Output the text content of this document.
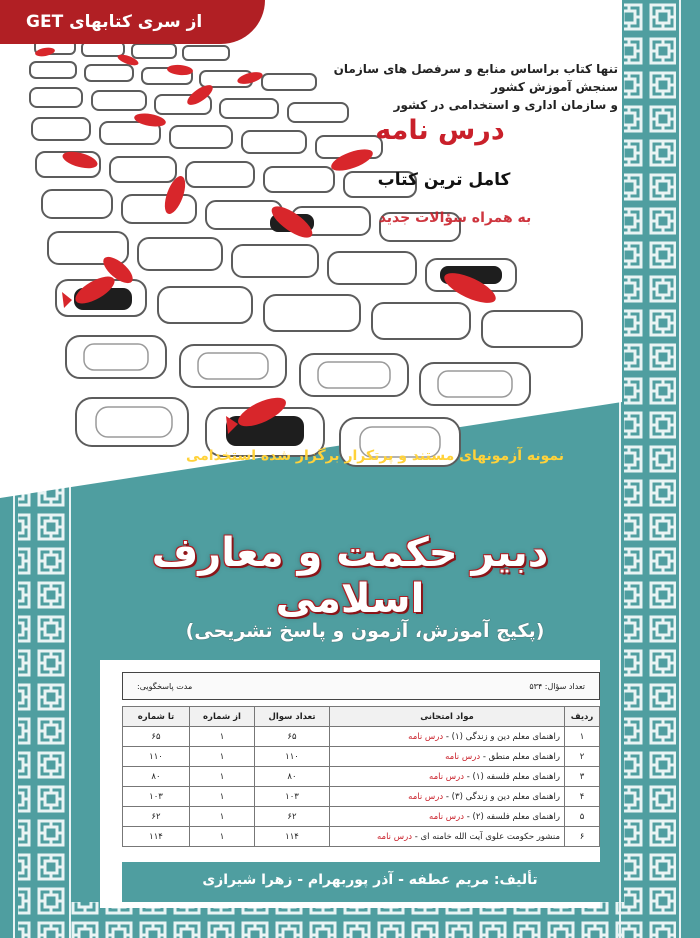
از سری کتابهای GET
تنها کتاب براساس منابع و سرفصل های سازمان سنجش آموزش کشور
و سازمان اداری و استخدامی در کشور
درس نامه
کامل ترین کتاب
به همراه سؤالات جدید
نمونه آزمونهای مستند و پرتکرار برگزار شده استخدامی
دبیر حکمت و معارف اسلامی
(پکیج آموزش، آزمون و پاسخ تشریحی)
تعداد سؤال: ۵۳۴
مدت پاسخگویی:
ردیف	مواد امتحانی	تعداد سوال	از شماره	تا شماره
۱	راهنمای معلم دین و زندگی (۱) - درس نامه	۶۵	۱	۶۵
۲	راهنمای معلم منطق - درس نامه	۱۱۰	۱	۱۱۰
۳	راهنمای معلم فلسفه (۱) - درس نامه	۸۰	۱	۸۰
۴	راهنمای معلم دین و زندگی (۳) - درس نامه	۱۰۳	۱	۱۰۳
۵	راهنمای معلم فلسفه (۲) - درس نامه	۶۲	۱	۶۲
۶	منشور حکومت علوی آیت الله خامنه ای - درس نامه	۱۱۴	۱	۱۱۴
تألیف: مریم عطفه - آذر پوربهرام - زهرا شیرازی
